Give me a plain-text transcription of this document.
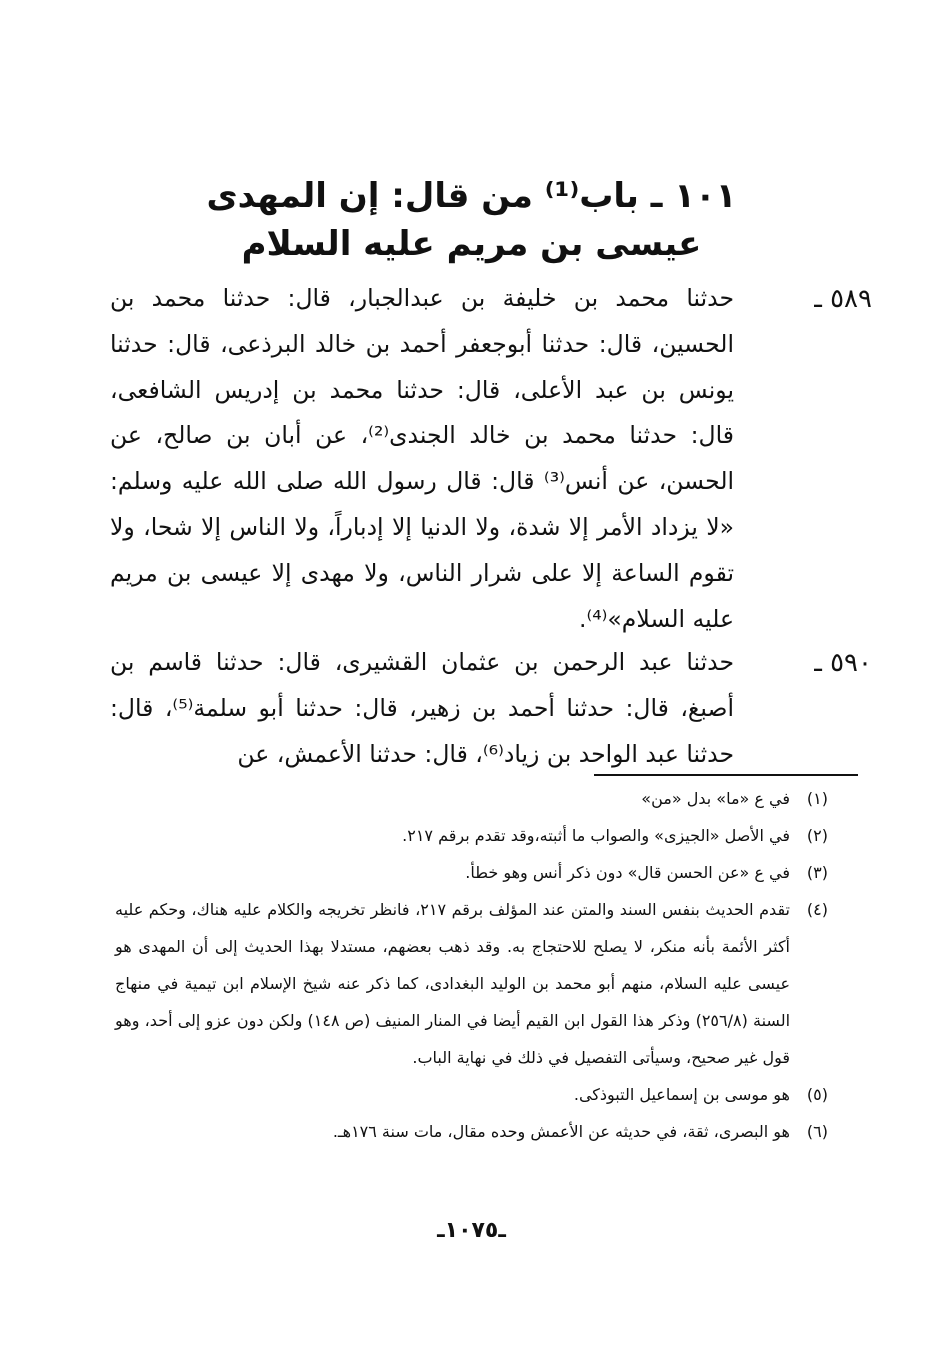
١٠١ ـ باب⁽¹⁾ من قال: إن المهدى
عيسى بن مريم عليه السلام
٥٨٩ ـ
حدثنا محمد بن خليفة بن عبدالجبار، قال: حدثنا محمد بن الحسين، قال: حدثنا أبوجعفر أحمد بن خالد البرذعى، قال: حدثنا يونس بن عبد الأعلى، قال: حدثنا محمد بن إدريس الشافعى، قال: حدثنا محمد بن خالد الجندى⁽²⁾، عن أبان بن صالح، عن الحسن، عن أنس⁽³⁾ قال: قال رسول الله صلى الله عليه وسلم: «لا يزداد الأمر إلا شدة، ولا الدنيا إلا إدباراً، ولا الناس إلا شحا، ولا تقوم الساعة إلا على شرار الناس، ولا مهدى إلا عيسى بن مريم عليه السلام»⁽⁴⁾.
٥٩٠ ـ
حدثنا عبد الرحمن بن عثمان القشيرى، قال: حدثنا قاسم بن أصبغ، قال: حدثنا أحمد بن زهير، قال: حدثنا أبو سلمة⁽⁵⁾، قال: حدثنا عبد الواحد بن زياد⁽⁶⁾، قال: حدثنا الأعمش، عن
(١)
في ع «ما» بدل «من»
(٢)
في الأصل «الجيزى» والصواب ما أثبته،وقد تقدم برقم ٢١٧.
(٣)
في ع «عن الحسن قال» دون ذكر أنس وهو خطأ.
(٤)
تقدم الحديث بنفس السند والمتن عند المؤلف برقم ٢١٧، فانظر تخريجه والكلام عليه هناك، وحكم عليه أكثر الأئمة بأنه منكر، لا يصلح للاحتجاج به. وقد ذهب بعضهم، مستدلا بهذا الحديث إلى أن المهدى هو عيسى عليه السلام، منهم أبو محمد بن الوليد البغدادى، كما ذكر عنه شيخ الإسلام ابن تيمية في منهاج السنة (٢٥٦/٨) وذكر هذا القول ابن القيم أيضا في المنار المنيف (ص ١٤٨) ولكن دون عزو إلى أحد، وهو قول غير صحيح، وسيأتى التفصيل في ذلك في نهاية الباب.
(٥)
هو موسى بن إسماعيل التبوذكى.
(٦)
هو البصرى، ثقة، في حديثه عن الأعمش وحده مقال، مات سنة ١٧٦هـ.
ـ١٠٧٥ـ
